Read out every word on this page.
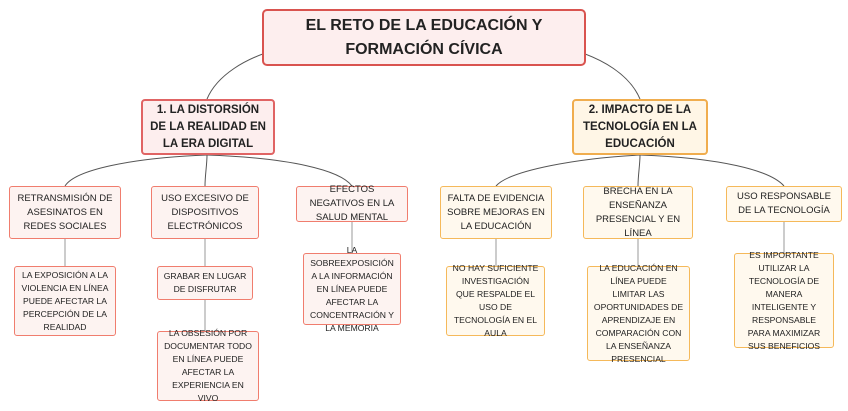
EL RETO DE LA EDUCACIÓN Y FORMACIÓN CÍVICA
1. LA DISTORSIÓN DE LA REALIDAD EN LA ERA DIGITAL
2. IMPACTO DE LA TECNOLOGÍA EN LA EDUCACIÓN
RETRANSMISIÓN DE ASESINATOS EN REDES SOCIALES
USO EXCESIVO DE DISPOSITIVOS ELECTRÓNICOS
EFECTOS NEGATIVOS EN LA SALUD MENTAL
FALTA DE EVIDENCIA SOBRE MEJORAS EN LA EDUCACIÓN
BRECHA EN LA ENSEÑANZA PRESENCIAL Y EN LÍNEA
USO RESPONSABLE DE LA TECNOLOGÍA
LA EXPOSICIÓN A LA VIOLENCIA EN LÍNEA PUEDE AFECTAR LA PERCEPCIÓN DE LA REALIDAD
GRABAR EN LUGAR DE DISFRUTAR
LA OBSESIÓN POR DOCUMENTAR TODO EN LÍNEA PUEDE AFECTAR LA EXPERIENCIA EN VIVO
LA SOBREEXPOSICIÓN A LA INFORMACIÓN EN LÍNEA PUEDE AFECTAR LA CONCENTRACIÓN Y LA MEMORIA
NO HAY SUFICIENTE INVESTIGACIÓN QUE RESPALDE EL USO DE TECNOLOGÍA EN EL AULA
LA EDUCACIÓN EN LÍNEA PUEDE LIMITAR LAS OPORTUNIDADES DE APRENDIZAJE EN COMPARACIÓN CON LA ENSEÑANZA PRESENCIAL
ES IMPORTANTE UTILIZAR LA TECNOLOGÍA DE MANERA INTELIGENTE Y RESPONSABLE PARA MAXIMIZAR SUS BENEFICIOS
